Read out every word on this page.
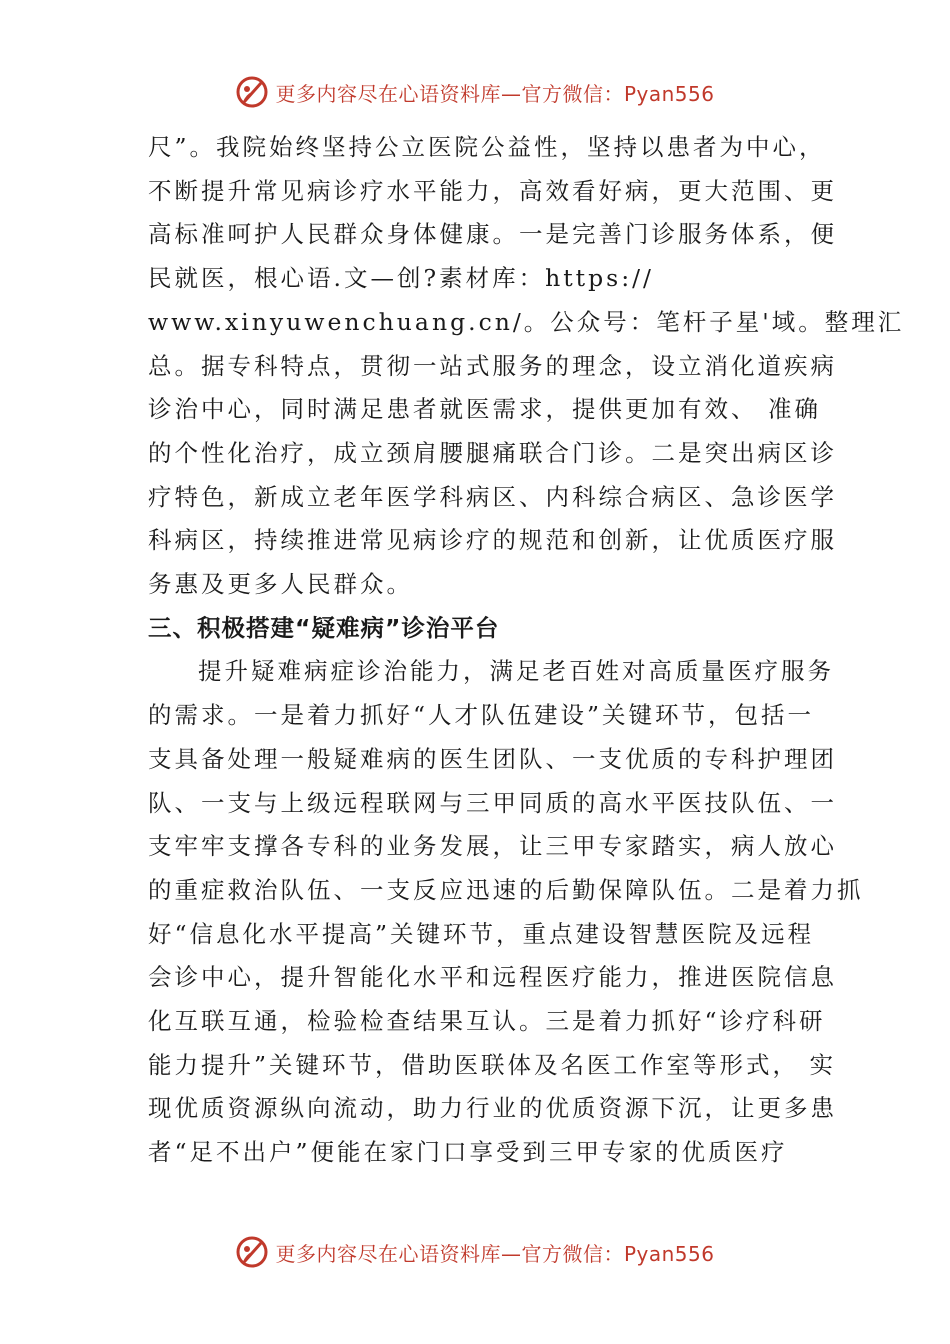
更多内容尽在心语资料库—官方微信：Pyan556
尺”。我院始终坚持公立医院公益性，坚持以患者为中心，
不断提升常见病诊疗水平能力，高效看好病，更大范围、更
高标准呵护人民群众身体健康。一是完善门诊服务体系，便
民就医，根心语.文—创?素材库：https://
www.xinyuwenchuang.cn/。公众号：笔杆子星'域。整理汇
总。据专科特点，贯彻一站式服务的理念，设立消化道疾病
诊治中心，同时满足患者就医需求，提供更加有效、 准确
的个性化治疗，成立颈肩腰腿痛联合门诊。二是突出病区诊
疗特色，新成立老年医学科病区、内科综合病区、急诊医学
科病区，持续推进常见病诊疗的规范和创新，让优质医疗服
务惠及更多人民群众。
三、积极搭建“疑难病”诊治平台
提升疑难病症诊治能力，满足老百姓对高质量医疗服务
的需求。一是着力抓好“人才队伍建设”关键环节，包括一
支具备处理一般疑难病的医生团队、一支优质的专科护理团
队、一支与上级远程联网与三甲同质的高水平医技队伍、一
支牢牢支撑各专科的业务发展，让三甲专家踏实，病人放心
的重症救治队伍、一支反应迅速的后勤保障队伍。二是着力抓
好“信息化水平提高”关键环节，重点建设智慧医院及远程
会诊中心，提升智能化水平和远程医疗能力，推进医院信息
化互联互通，检验检查结果互认。三是着力抓好“诊疗科研
能力提升”关键环节，借助医联体及名医工作室等形式， 实
现优质资源纵向流动，助力行业的优质资源下沉，让更多患
者“足不出户”便能在家门口享受到三甲专家的优质医疗
更多内容尽在心语资料库—官方微信：Pyan556
